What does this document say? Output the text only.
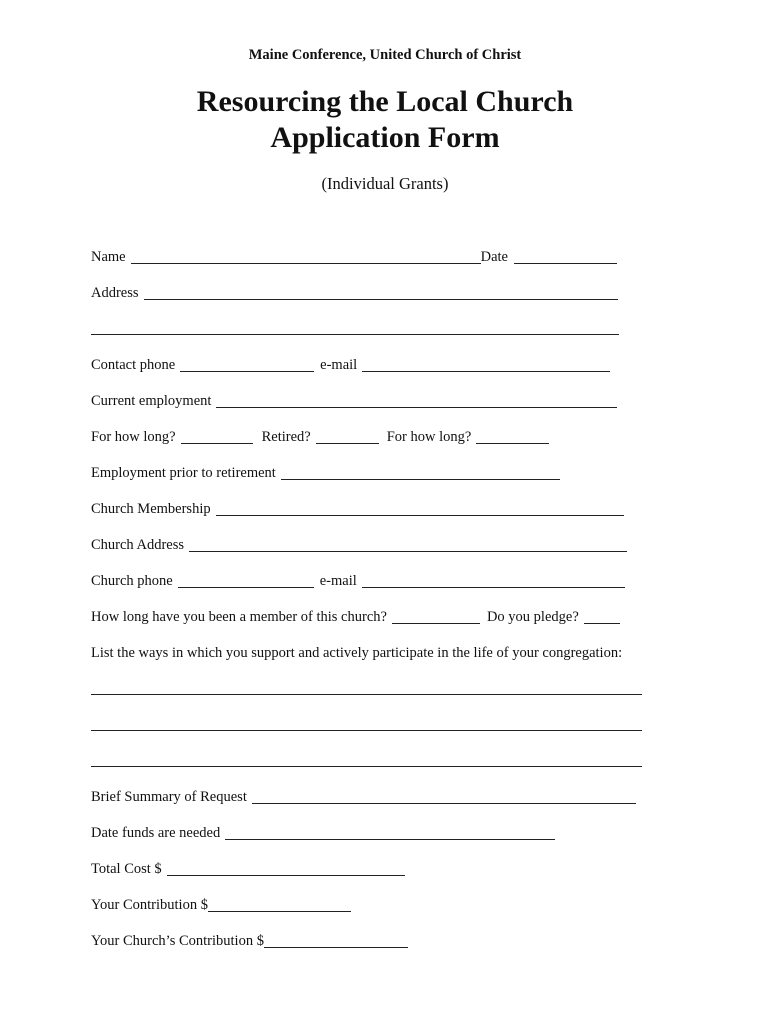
Maine Conference, United Church of Christ
Resourcing the Local Church
Application Form
(Individual Grants)
Name	Date
Address
Contact phone	e-mail
Current employment
For how long?	Retired?	For how long?
Employment prior to retirement
Church Membership
Church Address
Church phone	e-mail
How long have you been a member of this church?	Do you pledge?
List the ways in which you support and actively participate in the life of your congregation:
Brief Summary of Request
Date funds are needed
Total Cost $
Your Contribution $
Your Church’s Contribution $
